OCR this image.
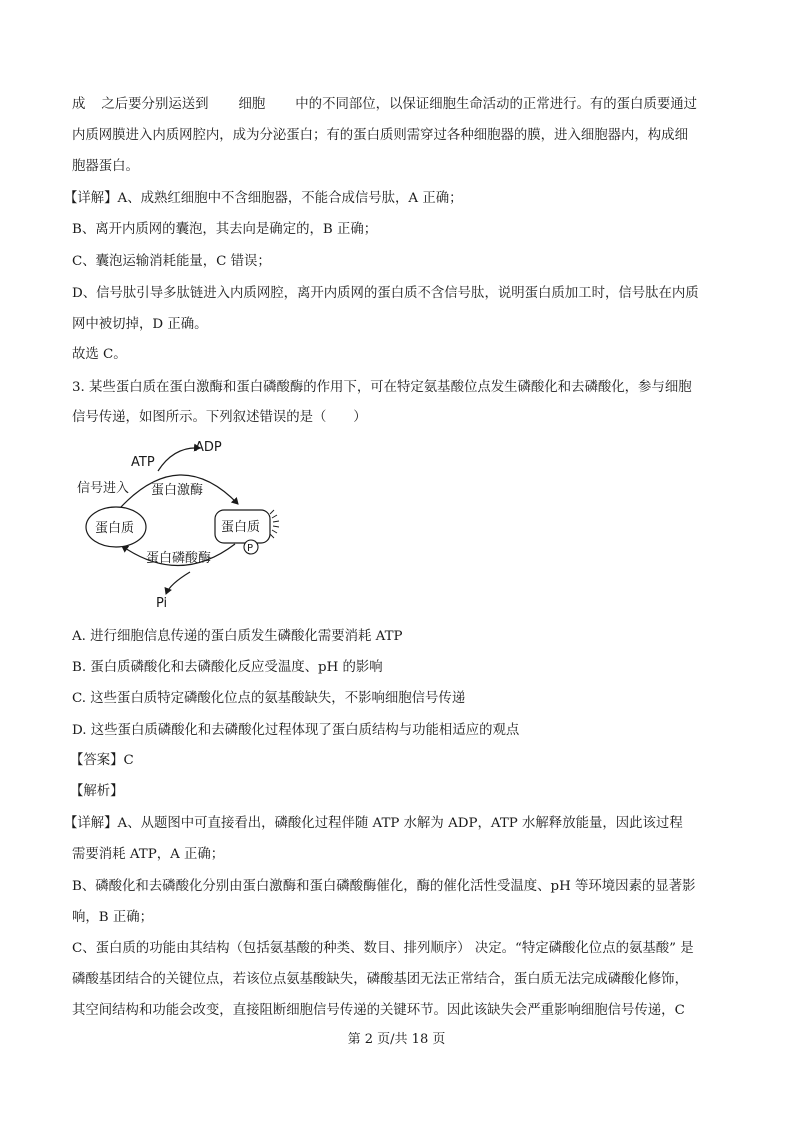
成 之后要分别运送到 细胞 中的不同部位，以保证细胞生命活动的正常进行。有的蛋白质要通过
内质网膜进入内质网腔内，成为分泌蛋白；有的蛋白质则需穿过各种细胞器的膜，进入细胞器内，构成细
胞器蛋白。
【详解】A、成熟红细胞中不含细胞器，不能合成信号肽，A 正确；
B、离开内质网的囊泡，其去向是确定的，B 正确；
C、囊泡运输消耗能量，C 错误；
D、信号肽引导多肽链进入内质网腔，离开内质网的蛋白质不含信号肽，说明蛋白质加工时，信号肽在内质
网中被切掉，D 正确。
故选 C。
3. 某些蛋白质在蛋白激酶和蛋白磷酸酶的作用下，可在特定氨基酸位点发生磷酸化和去磷酸化，参与细胞
信号传递，如图所示。下列叙述错误的是（　　）
ADP
ATP
信号进入 蛋白激酶
蛋白质	蛋白质
P
蛋白磷酸酶
Pi
A. 进行细胞信息传递的蛋白质发生磷酸化需要消耗 ATP
B. 蛋白质磷酸化和去磷酸化反应受温度、pH 的影响
C. 这些蛋白质特定磷酸化位点的氨基酸缺失，不影响细胞信号传递
D. 这些蛋白质磷酸化和去磷酸化过程体现了蛋白质结构与功能相适应的观点
【答案】C
【解析】
【详解】A、从题图中可直接看出，磷酸化过程伴随 ATP 水解为 ADP，ATP 水解释放能量，因此该过程
需要消耗 ATP，A 正确；
B、磷酸化和去磷酸化分别由蛋白激酶和蛋白磷酸酶催化，酶的催化活性受温度、pH 等环境因素的显著影
响，B 正确；
C、蛋白质的功能由其结构（包括氨基酸的种类、数目、排列顺序） 决定。“特定磷酸化位点的氨基酸” 是
磷酸基团结合的关键位点，若该位点氨基酸缺失，磷酸基团无法正常结合，蛋白质无法完成磷酸化修饰，
其空间结构和功能会改变，直接阻断细胞信号传递的关键环节。因此该缺失会严重影响细胞信号传递，C
第 2 页/共 18 页
